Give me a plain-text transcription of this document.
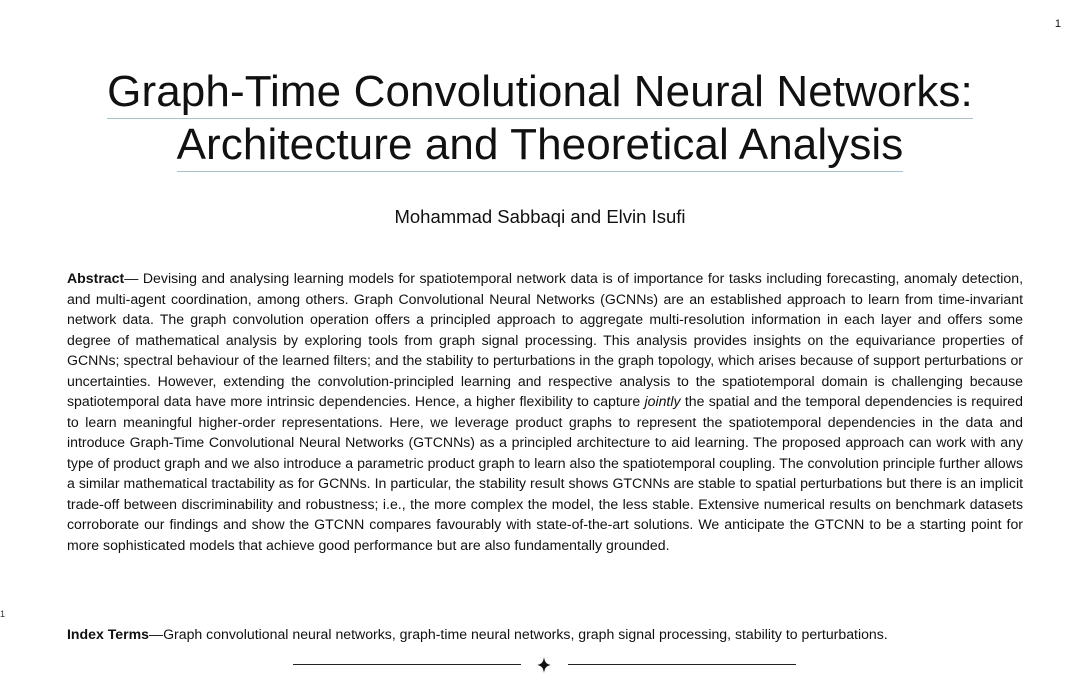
1
1
Graph-Time Convolutional Neural Networks:
Architecture and Theoretical Analysis
Mohammad Sabbaqi and Elvin Isufi

Abstract— Devising and analysing learning models for spatiotemporal network data is of importance for tasks including forecasting, anomaly detection, and multi-agent coordination, among others. Graph Convolutional Neural Networks (GCNNs) are an established approach to learn from time-invariant network data. The graph convolution operation offers a principled approach to aggregate multi-resolution information in each layer and offers some degree of mathematical analysis by exploring tools from graph signal processing. This analysis provides insights on the equivariance properties of GCNNs; spectral behaviour of the learned filters; and the stability to perturbations in the graph topology, which arises because of support perturbations or uncertainties. However, extending the convolution-principled learning and respective analysis to the spatiotemporal domain is challenging because spatiotemporal data have more intrinsic dependencies. Hence, a higher flexibility to capture jointly the spatial and the temporal dependencies is required to learn meaningful higher-order representations. Here, we leverage product graphs to represent the spatiotemporal dependencies in the data and introduce Graph-Time Convolutional Neural Networks (GTCNNs) as a principled architecture to aid learning. The proposed approach can work with any type of product graph and we also introduce a parametric product graph to learn also the spatiotemporal coupling. The convolution principle further allows a similar mathematical tractability as for GCNNs. In particular, the stability result shows GTCNNs are stable to spatial perturbations but there is an implicit trade-off between discriminability and robustness; i.e., the more complex the model, the less stable. Extensive numerical results on benchmark datasets corroborate our findings and show the GTCNN compares favourably with state-of-the-art solutions. We anticipate the GTCNN to be a starting point for more sophisticated models that achieve good performance but are also fundamentally grounded.

Index Terms—Graph convolutional neural networks, graph-time neural networks, graph signal processing, stability to perturbations.
